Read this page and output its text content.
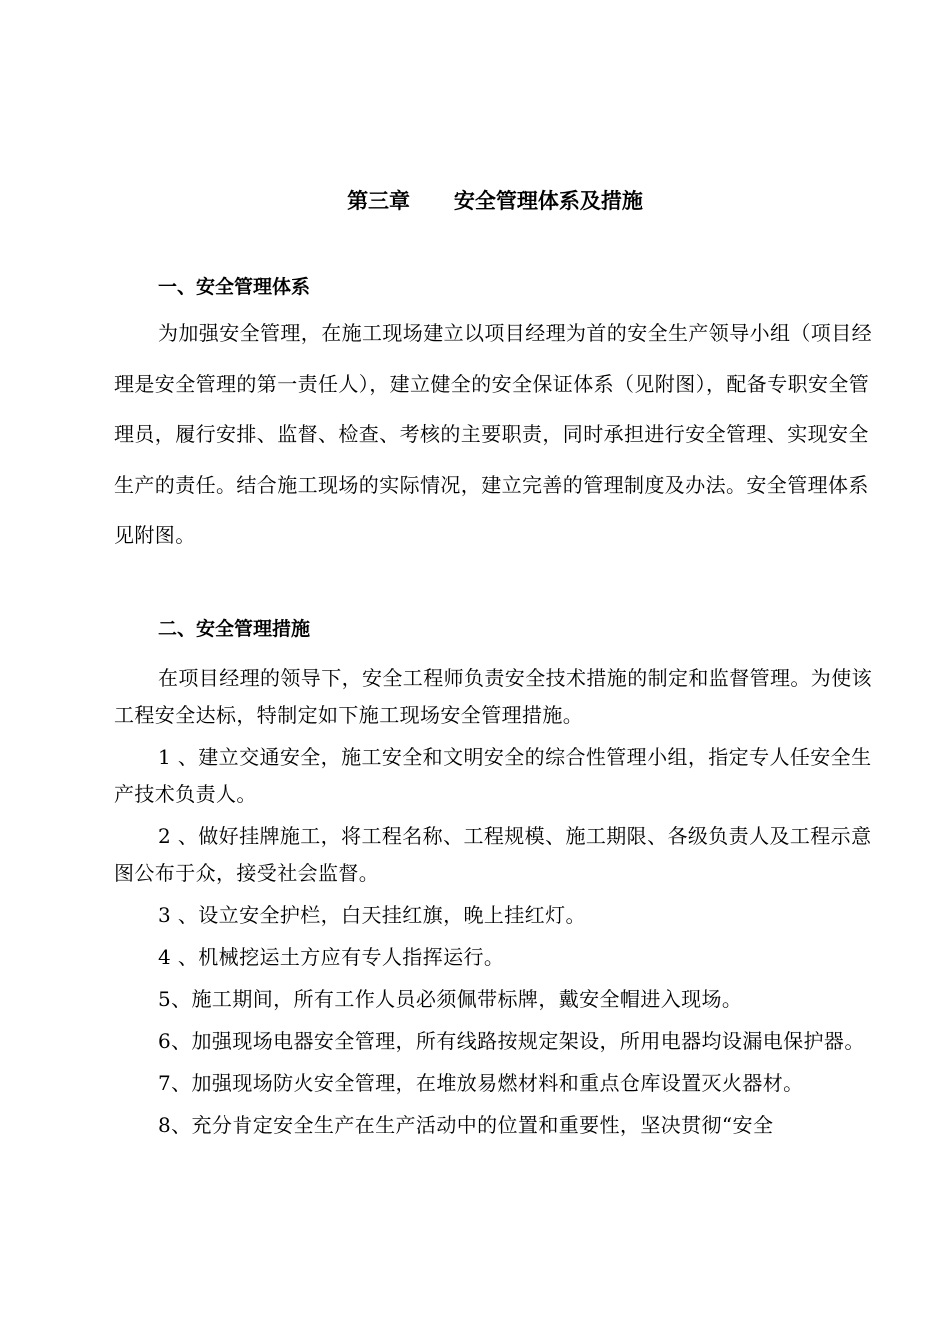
第三章      安全管理体系及措施
一、安全管理体系

为加强安全管理，在施工现场建立以项目经理为首的安全生产领导小组（项目经理是安全管理的第一责任人），建立健全的安全保证体系（见附图），配备专职安全管理员，履行安排、监督、检查、考核的主要职责，同时承担进行安全管理、实现安全生产的责任。结合施工现场的实际情况，建立完善的管理制度及办法。安全管理体系见附图。

二、安全管理措施

在项目经理的领导下，安全工程师负责安全技术措施的制定和监督管理。为使该工程安全达标，特制定如下施工现场安全管理措施。

1 、建立交通安全，施工安全和文明安全的综合性管理小组，指定专人任安全生产技术负责人。

2 、做好挂牌施工，将工程名称、工程规模、施工期限、各级负责人及工程示意图公布于众，接受社会监督。

3 、设立安全护栏，白天挂红旗，晚上挂红灯。

4 、机械挖运土方应有专人指挥运行。

5、施工期间，所有工作人员必须佩带标牌，戴安全帽进入现场。

6、加强现场电器安全管理，所有线路按规定架设，所用电器均设漏电保护器。

7、加强现场防火安全管理，在堆放易燃材料和重点仓库设置灭火器材。

8、充分肯定安全生产在生产活动中的位置和重要性，坚决贯彻“安全
